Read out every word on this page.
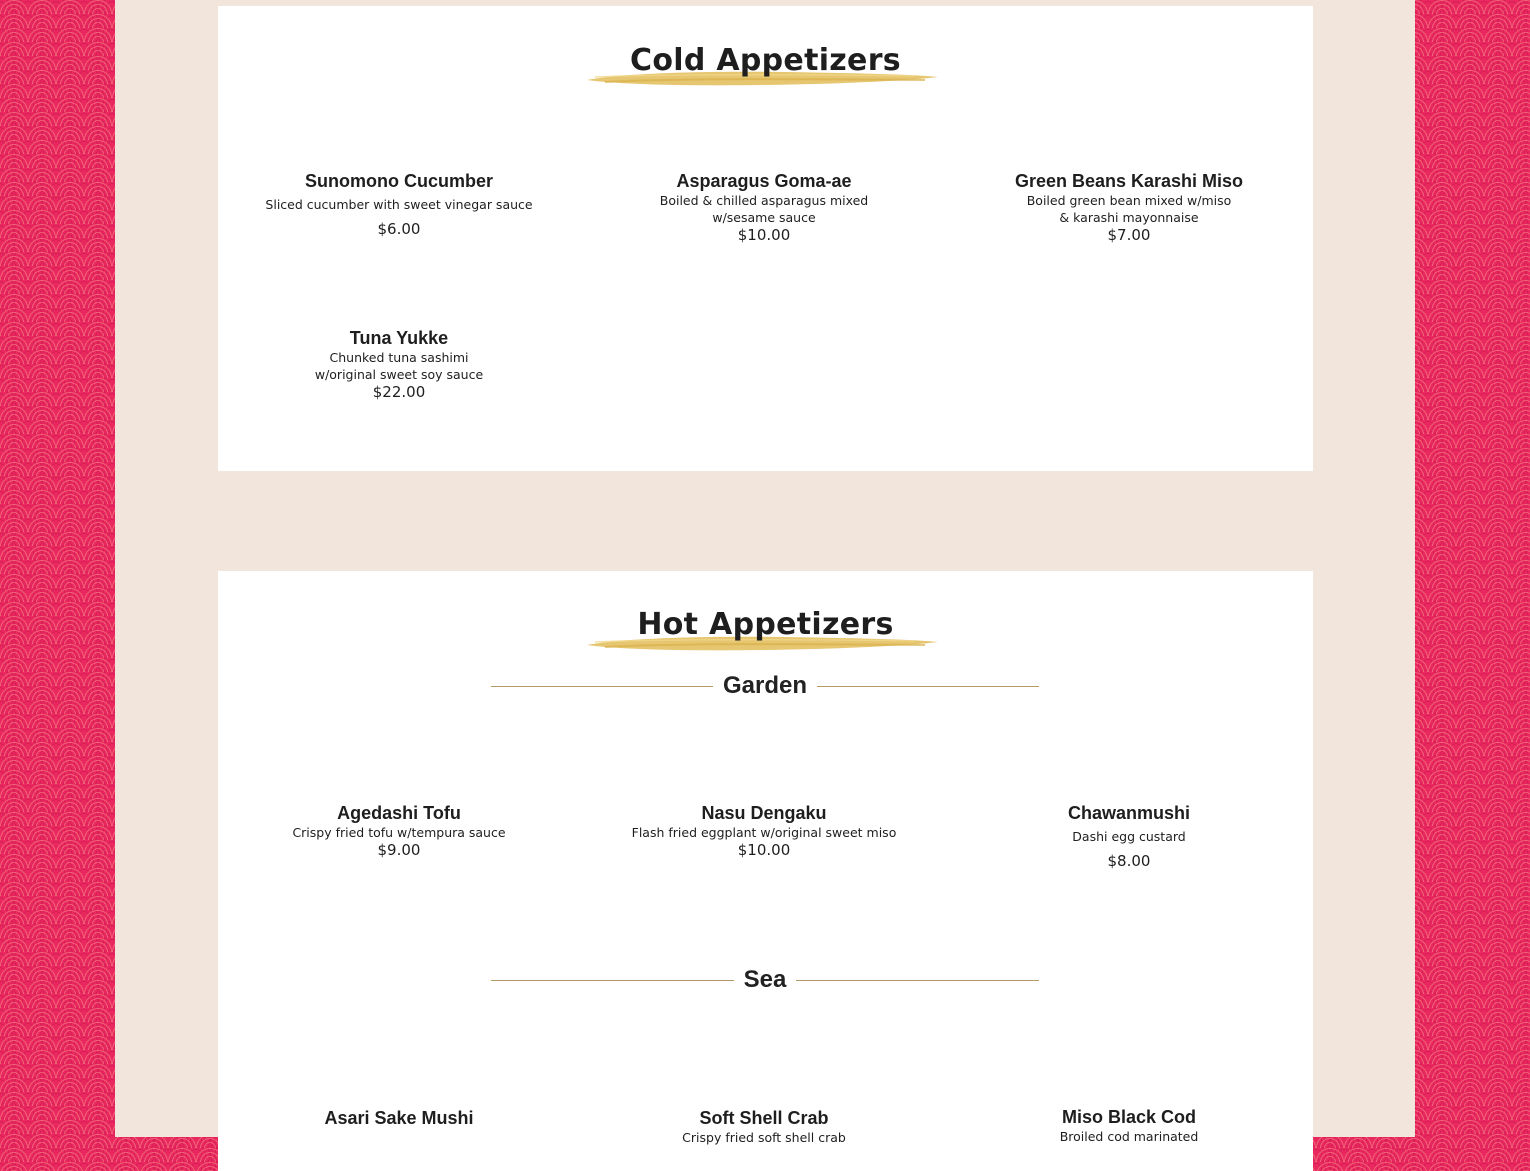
Cold Appetizers

Sunomono Cucumber

Sliced cucumber with sweet vinegar sauce

$6.00

Asparagus Goma-ae

Boiled & chilled asparagus mixed
w/sesame sauce

$10.00

Green Beans Karashi Miso

Boiled green bean mixed w/miso
& karashi mayonnaise

$7.00

Tuna Yukke

Chunked tuna sashimi
w/original sweet soy sauce

$22.00

Hot Appetizers
Garden

Agedashi Tofu

Crispy fried tofu w/tempura sauce

$9.00

Nasu Dengaku

Flash fried eggplant w/original sweet miso

$10.00

Chawanmushi

Dashi egg custard

$8.00

Sea

Asari Sake Mushi	Soft Shell Crab

Crispy fried soft shell crab

Miso Black Cod

Broiled cod marinated
